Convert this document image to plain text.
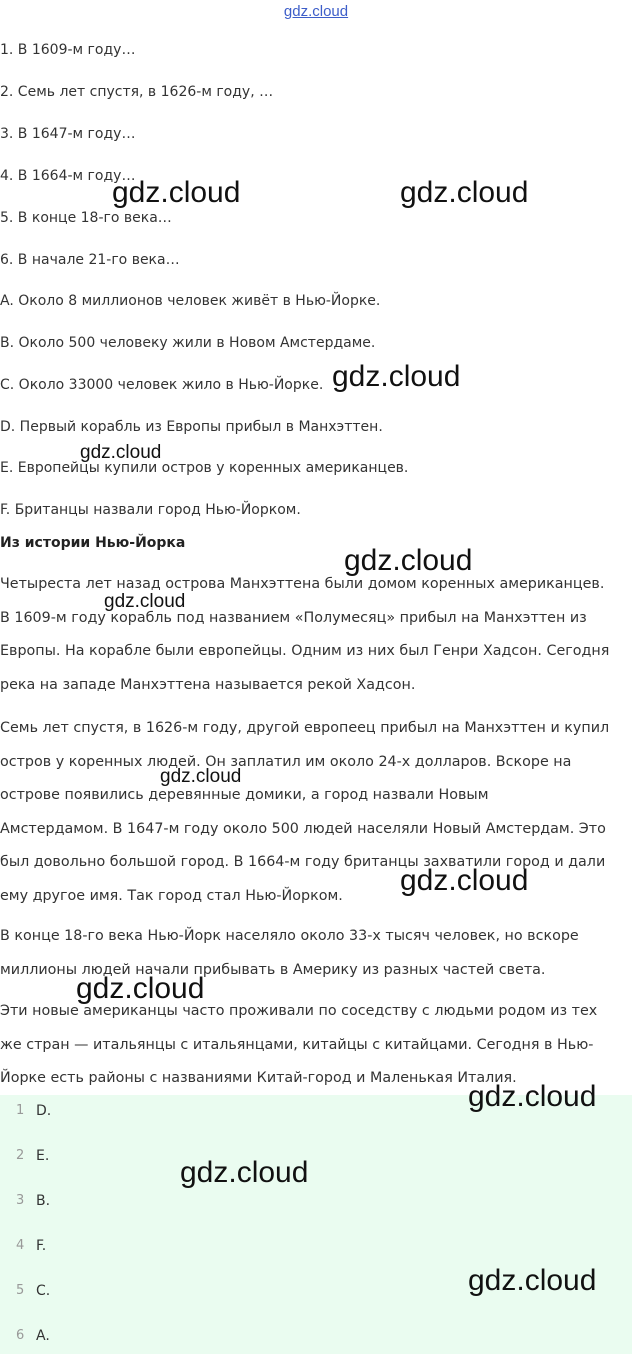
gdz.cloud
1. В 1609-м году…
2. Семь лет спустя, в 1626-м году, …
3. В 1647-м году…
4. В 1664-м году…
5. В конце 18-го века…
6. В начале 21-го века…
A. Около 8 миллионов человек живёт в Нью-Йорке.
B. Около 500 человеку жили в Новом Амстердаме.
C. Около 33000 человек жило в Нью-Йорке.
D. Первый корабль из Европы прибыл в Манхэттен.
E. Европейцы купили остров у коренных американцев.
F. Британцы назвали город Нью-Йорком.
Из истории Нью-Йорка
Четыреста лет назад острова Манхэттена были домом коренных американцев.
В 1609-м году корабль под названием «Полумесяц» прибыл на Манхэттен из
Европы. На корабле были европейцы. Одним из них был Генри Хадсон. Сегодня
река на западе Манхэттена называется рекой Хадсон.
Семь лет спустя, в 1626-м году, другой европеец прибыл на Манхэттен и купил
остров у коренных людей. Он заплатил им около 24-х долларов. Вскоре на
острове появились деревянные домики, а город назвали Новым
Амстердамом. В 1647-м году около 500 людей населяли Новый Амстердам. Это
был довольно большой город. В 1664-м году британцы захватили город и дали
ему другое имя. Так город стал Нью-Йорком.
В конце 18-го века Нью-Йорк населяло около 33-х тысяч человек, но вскоре
миллионы людей начали прибывать в Америку из разных частей света.
Эти новые американцы часто проживали по соседству с людьми родом из тех
же стран — итальянцы с итальянцами, китайцы с китайцами. Сегодня в Нью-
Йорке есть районы с названиями Китай-город и Маленькая Италия.
1 D.
2 E.
3 B.
4 F.
5 C.
6 A.
gdz.cloud	gdz.cloud
gdz.cloud
gdz.cloud
gdz.cloud
gdz.cloud
gdz.cloud
gdz.cloud
gdz.cloud
gdz.cloud
gdz.cloud
gdz.cloud
